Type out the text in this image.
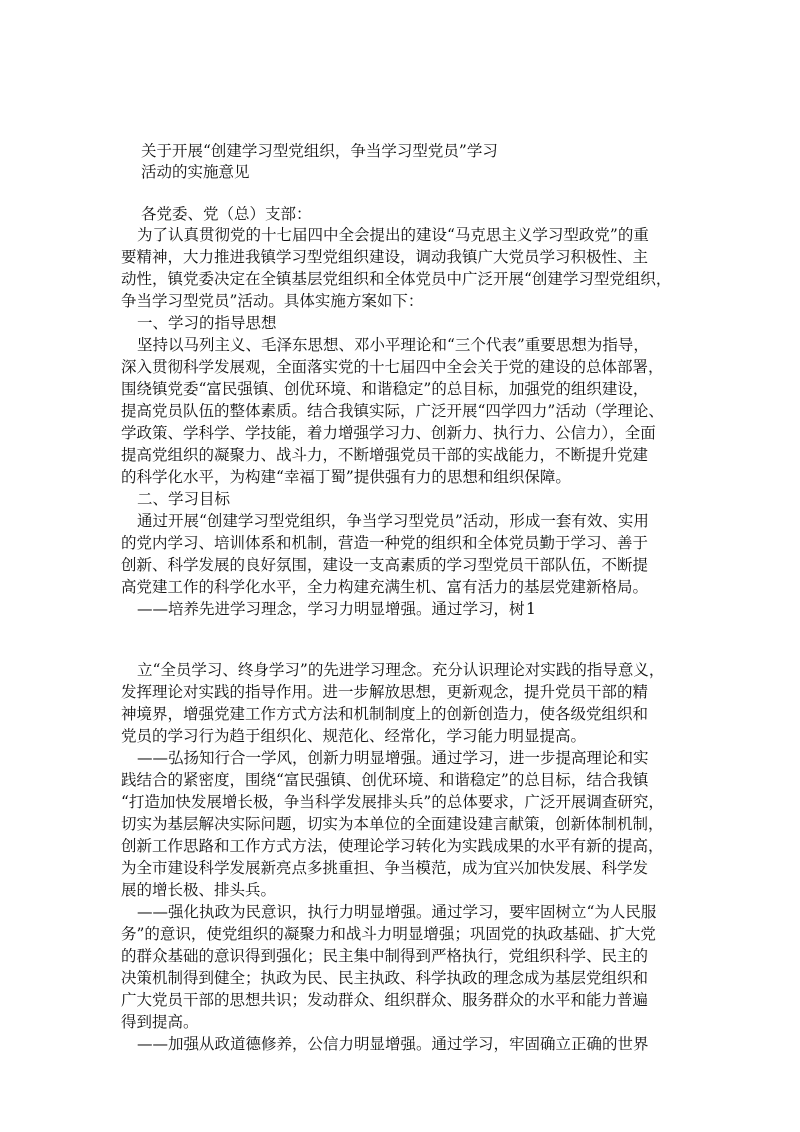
关于开展“创建学习型党组织，争当学习型党员”学习
活动的实施意见
各党委、党（总）支部：
为了认真贯彻党的十七届四中全会提出的建设“马克思主义学习型政党”的重
要精神，大力推进我镇学习型党组织建设，调动我镇广大党员学习积极性、主
动性，镇党委决定在全镇基层党组织和全体党员中广泛开展“创建学习型党组织，
争当学习型党员”活动。具体实施方案如下：
一、学习的指导思想
坚持以马列主义、毛泽东思想、邓小平理论和“三个代表”重要思想为指导，
深入贯彻科学发展观，全面落实党的十七届四中全会关于党的建设的总体部署，
围绕镇党委“富民强镇、创优环境、和谐稳定”的总目标，加强党的组织建设，
提高党员队伍的整体素质。结合我镇实际，广泛开展“四学四力”活动（学理论、
学政策、学科学、学技能，着力增强学习力、创新力、执行力、公信力），全面
提高党组织的凝聚力、战斗力，不断增强党员干部的实战能力，不断提升党建
的科学化水平，为构建“幸福丁蜀”提供强有力的思想和组织保障。
二、学习目标
通过开展“创建学习型党组织，争当学习型党员”活动，形成一套有效、实用
的党内学习、培训体系和机制，营造一种党的组织和全体党员勤于学习、善于
创新、科学发展的良好氛围，建设一支高素质的学习型党员干部队伍，不断提
高党建工作的科学化水平，全力构建充满生机、富有活力的基层党建新格局。
——培养先进学习理念，学习力明显增强。通过学习，树 1
立“全员学习、终身学习”的先进学习理念。充分认识理论对实践的指导意义，
发挥理论对实践的指导作用。进一步解放思想，更新观念，提升党员干部的精
神境界，增强党建工作方式方法和机制制度上的创新创造力，使各级党组织和
党员的学习行为趋于组织化、规范化、经常化，学习能力明显提高。
——弘扬知行合一学风，创新力明显增强。通过学习，进一步提高理论和实
践结合的紧密度，围绕“富民强镇、创优环境、和谐稳定”的总目标，结合我镇
“打造加快发展增长极，争当科学发展排头兵”的总体要求，广泛开展调查研究，
切实为基层解决实际问题，切实为本单位的全面建设建言献策，创新体制机制，
创新工作思路和工作方式方法，使理论学习转化为实践成果的水平有新的提高，
为全市建设科学发展新亮点多挑重担、争当模范，成为宜兴加快发展、科学发
展的增长极、排头兵。
——强化执政为民意识，执行力明显增强。通过学习，要牢固树立“为人民服
务”的意识，使党组织的凝聚力和战斗力明显增强；巩固党的执政基础、扩大党
的群众基础的意识得到强化；民主集中制得到严格执行，党组织科学、民主的
决策机制得到健全；执政为民、民主执政、科学执政的理念成为基层党组织和
广大党员干部的思想共识；发动群众、组织群众、服务群众的水平和能力普遍
得到提高。
——加强从政道德修养，公信力明显增强。通过学习，牢固确立正确的世界
